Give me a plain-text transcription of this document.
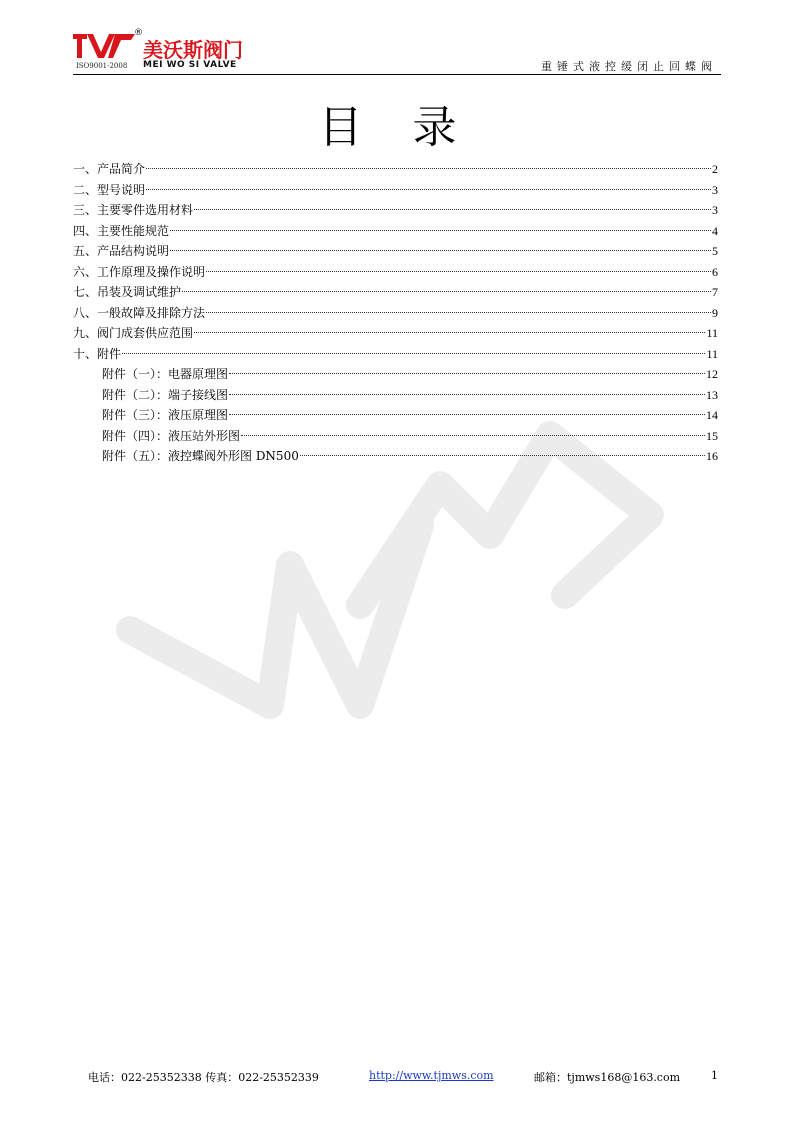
®
美沃斯阀门
MEI WO SI VALVE
ISO9001-2008	重锤式液控缓闭止回蝶阀
目 录
一、产品简介	2
二、型号说明	3
三、主要零件选用材料	3
四、主要性能规范	4
五、产品结构说明	5
六、工作原理及操作说明	6
七、吊装及调试维护	7
八、一般故障及排除方法	9
九、阀门成套供应范围	11
十、附件	11
附件（一）：电器原理图	12
附件（二）：端子接线图	13
附件（三）：液压原理图	14
附件（四）：液压站外形图	15
附件（五）：液控蝶阀外形图 DN500	16
电话：022-25352338 传真：022-25352339	http://www.tjmws.com	邮箱：tjmws168@163.com	1
